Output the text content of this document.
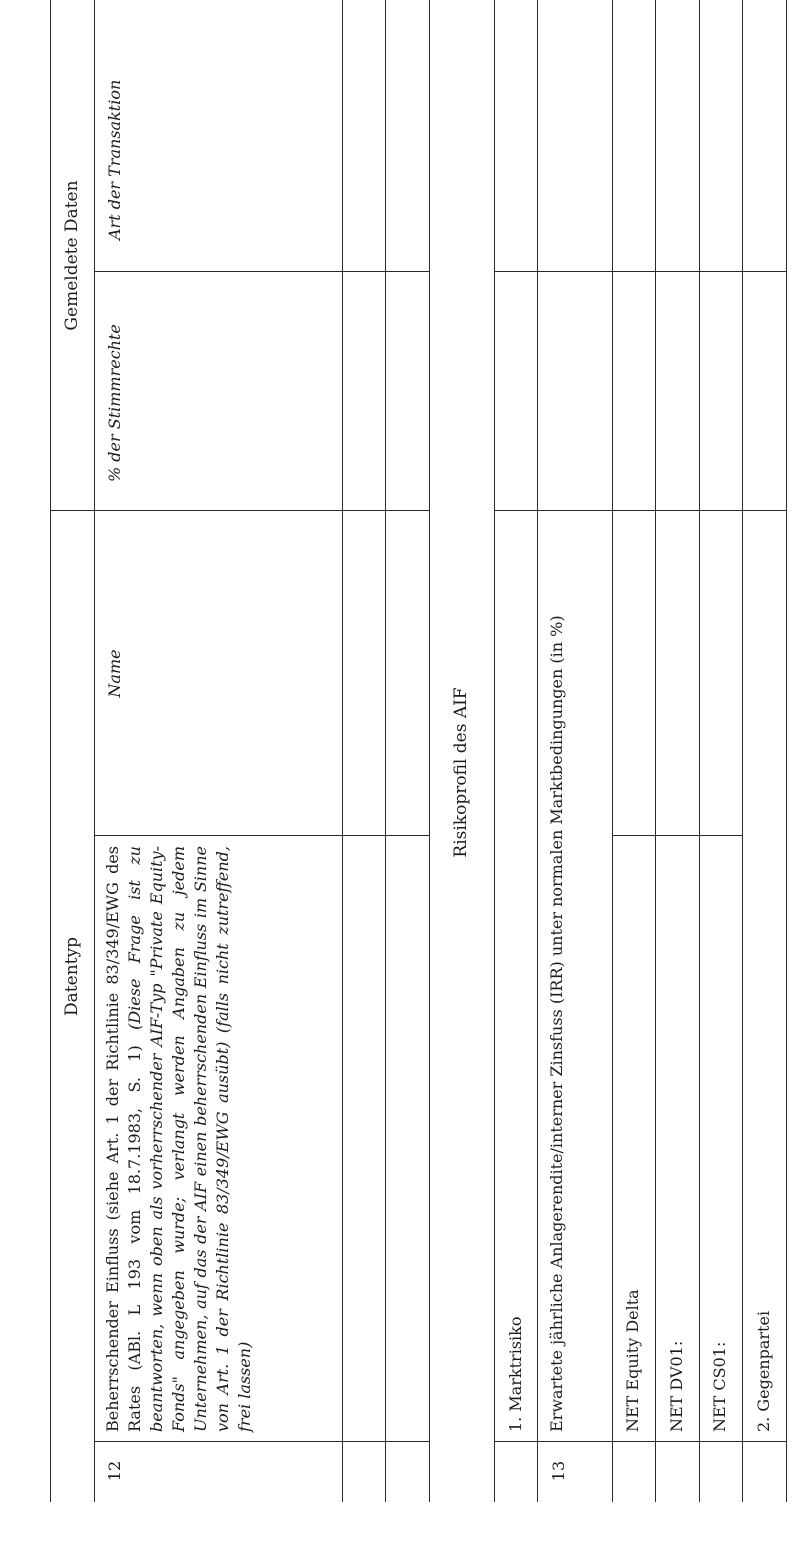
Datentyp
Gemeldete Daten
Name
% der Stimmrechte
Art der Transaktion
12
Beherrschender Einfluss (siehe Art. 1 der Richtlinie 83/349/EWG des Rates (ABl. L 193 vom 18.7.1983, S. 1) (Diese Frage ist zu beantworten, wenn oben als vorherrschender AIF-Typ "Private Equity-Fonds" angegeben wurde; verlangt werden Angaben zu jedem Unternehmen, auf das der AIF einen beherrschenden Einfluss im Sinne von Art. 1 der Richtlinie 83/349/EWG ausübt) (falls nicht zutreffend, frei lassen)
Risikoprofil des AIF
1. Marktrisiko
13
Erwartete jährliche Anlagerendite/interner Zinsfuss (IRR) unter normalen Marktbedingungen (in %)	NET Equity Delta NET DV01: NET CS01: 2. Gegenpartei
